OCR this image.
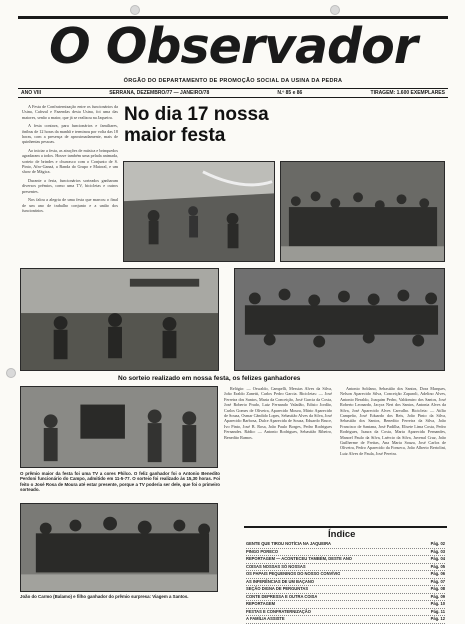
O Observador
ÓRGÃO DO DEPARTAMENTO DE PROMOÇÃO SOCIAL DA USINA DA PEDRA
ANO VIII	SERRANA, DEZEMBRO/77 — JANEIRO/78	N.º 85 e 86	TIRAGEM: 1.600 EXEMPLARES

A Festa de Confraternização entre os funcionários da Usina, Cafezal e Fazendas desta Usina, foi uma das maiores, senão a maior, que já se realizou na Jaqueira.

A festa contava, para funcionários e familiares, ônibus de 12 horas da manhã e terminou por volta das 18 horas, com a presença de aproximadamente, mais de quinhentas pessoas.

Ao iniciar a festa, as atrações de música e brinquedos agradaram a todos. Houve também uma pelada animada, sorteio de brindes e churrasco com o Conjunto de S. Pinto, Afro-Ganzá, a Banda do Grupo e Maioral, e um show de Mágica.

Durante a festa, funcionários sorteados ganharam diversos prêmios, como uma TV, bicicletas e outros presentes.

Nos falou a alegria de uma festa que marcou o final de um ano de trabalho conjunto e a união dos funcionários.

No dia 17 nossa maior festa
No sorteio realizado em nossa festa, os felizes ganhadores
O prêmio maior da festa foi uma TV a cores Philco. O feliz ganhador foi o Antonio Benedito Perdoni funcionário do Campo, admitido em 11-5-77. O sorteio foi realizado às 15,30 horas. Foi feito o José Rosa de Moura até estar presente, porque a TV poderia ser dele, que foi o primeiro sorteado.
João do Carmo (Balamo) e filho ganhador do prêmio surpresa: Viagem a Santos.

Relógio: — Oswaldo, Campelli, Messias Alves da Silva, João Eraldo Zanetti, Carlos Pedro Garcia. Bicicletas: — José Ferreira dos Santos, Maria da Conceição, José Garcia da Costa, José Roberto Prado, Luiz Fernando Valadão, Edisio Jordão, Carlos Gomes de Oliveira, Aparecido Moura, Mário Aparecido de Souza, Osmar Cândido Lopes, Sebastião Alves da Silva, José Aparecido Barbosa, Dulce Aparecida de Souza, Eduardo Bruce, Ivo Pinto, José B. Rosa, João Paulo Borges, Pedro Rodrigues Fernandes. Rádio: — Antonio Rodrigues, Sebastião Ribeiro, Benedito Ramos.

Antonio Soldano, Sebastião dos Santos, Dora Marques, Nelson Aparecido Silva, Conceição Zaparoli, Adelino Alves, Antonio Beraldo, Joaquim Pedro, Valdomiro dos Santos, José Roberto Leonardo, Jacyra Neri dos Santos, Antonia Alves da Silva, José Aparecido Alves Carvalho. Bicicleta: — Atílio Campeão, José Eduardo dos Reis, João Pinto da Silva, Sebastião dos Santos, Benedito Ferreira da Silva, João Francisco de Santana, José Padilha, Elisete Lima Costa, Pedro Rodrigues, Isaura da Costa, Maria Aparecida Fernandes, Manoel Paulo da Silva, Laércio da Silva, Juvenal Cruz, João Guilherme de Freitas, Ana Maria Souza, José Carlos de Oliveira, Pedro Aparecido da Fonseca, João Alberto Bertolini, Luiz Alves de Paula, José Pereira.

Índice
GENTE QUE TIROU NOTÍCIA NA JAQUEIRA	Pág. 02
PINGO PORECO	Pág. 03
REPORTAGEM — ACONTECEU TAMBÉM, DESTE ANO	Pág. 04
COISAS NOSSAS SÓ NOSSAS	Pág. 05
OS PAPAIS PEQUENINOS DO NOSSO CONVÍVIO	Pág. 06
AS INFERÊNCIAS DE UM BAÇANO	Pág. 07
SEÇÃO DIGNA DE PERGUNTAS	Pág. 08
CONTE DEPRESSA E OUTRA COISA	Pág. 09
REPORTAGEM	Pág. 10
FESTAS E CONFRATERNIZAÇÃO	Pág. 11
A FAMÍLIA ASSISTE	Pág. 12
